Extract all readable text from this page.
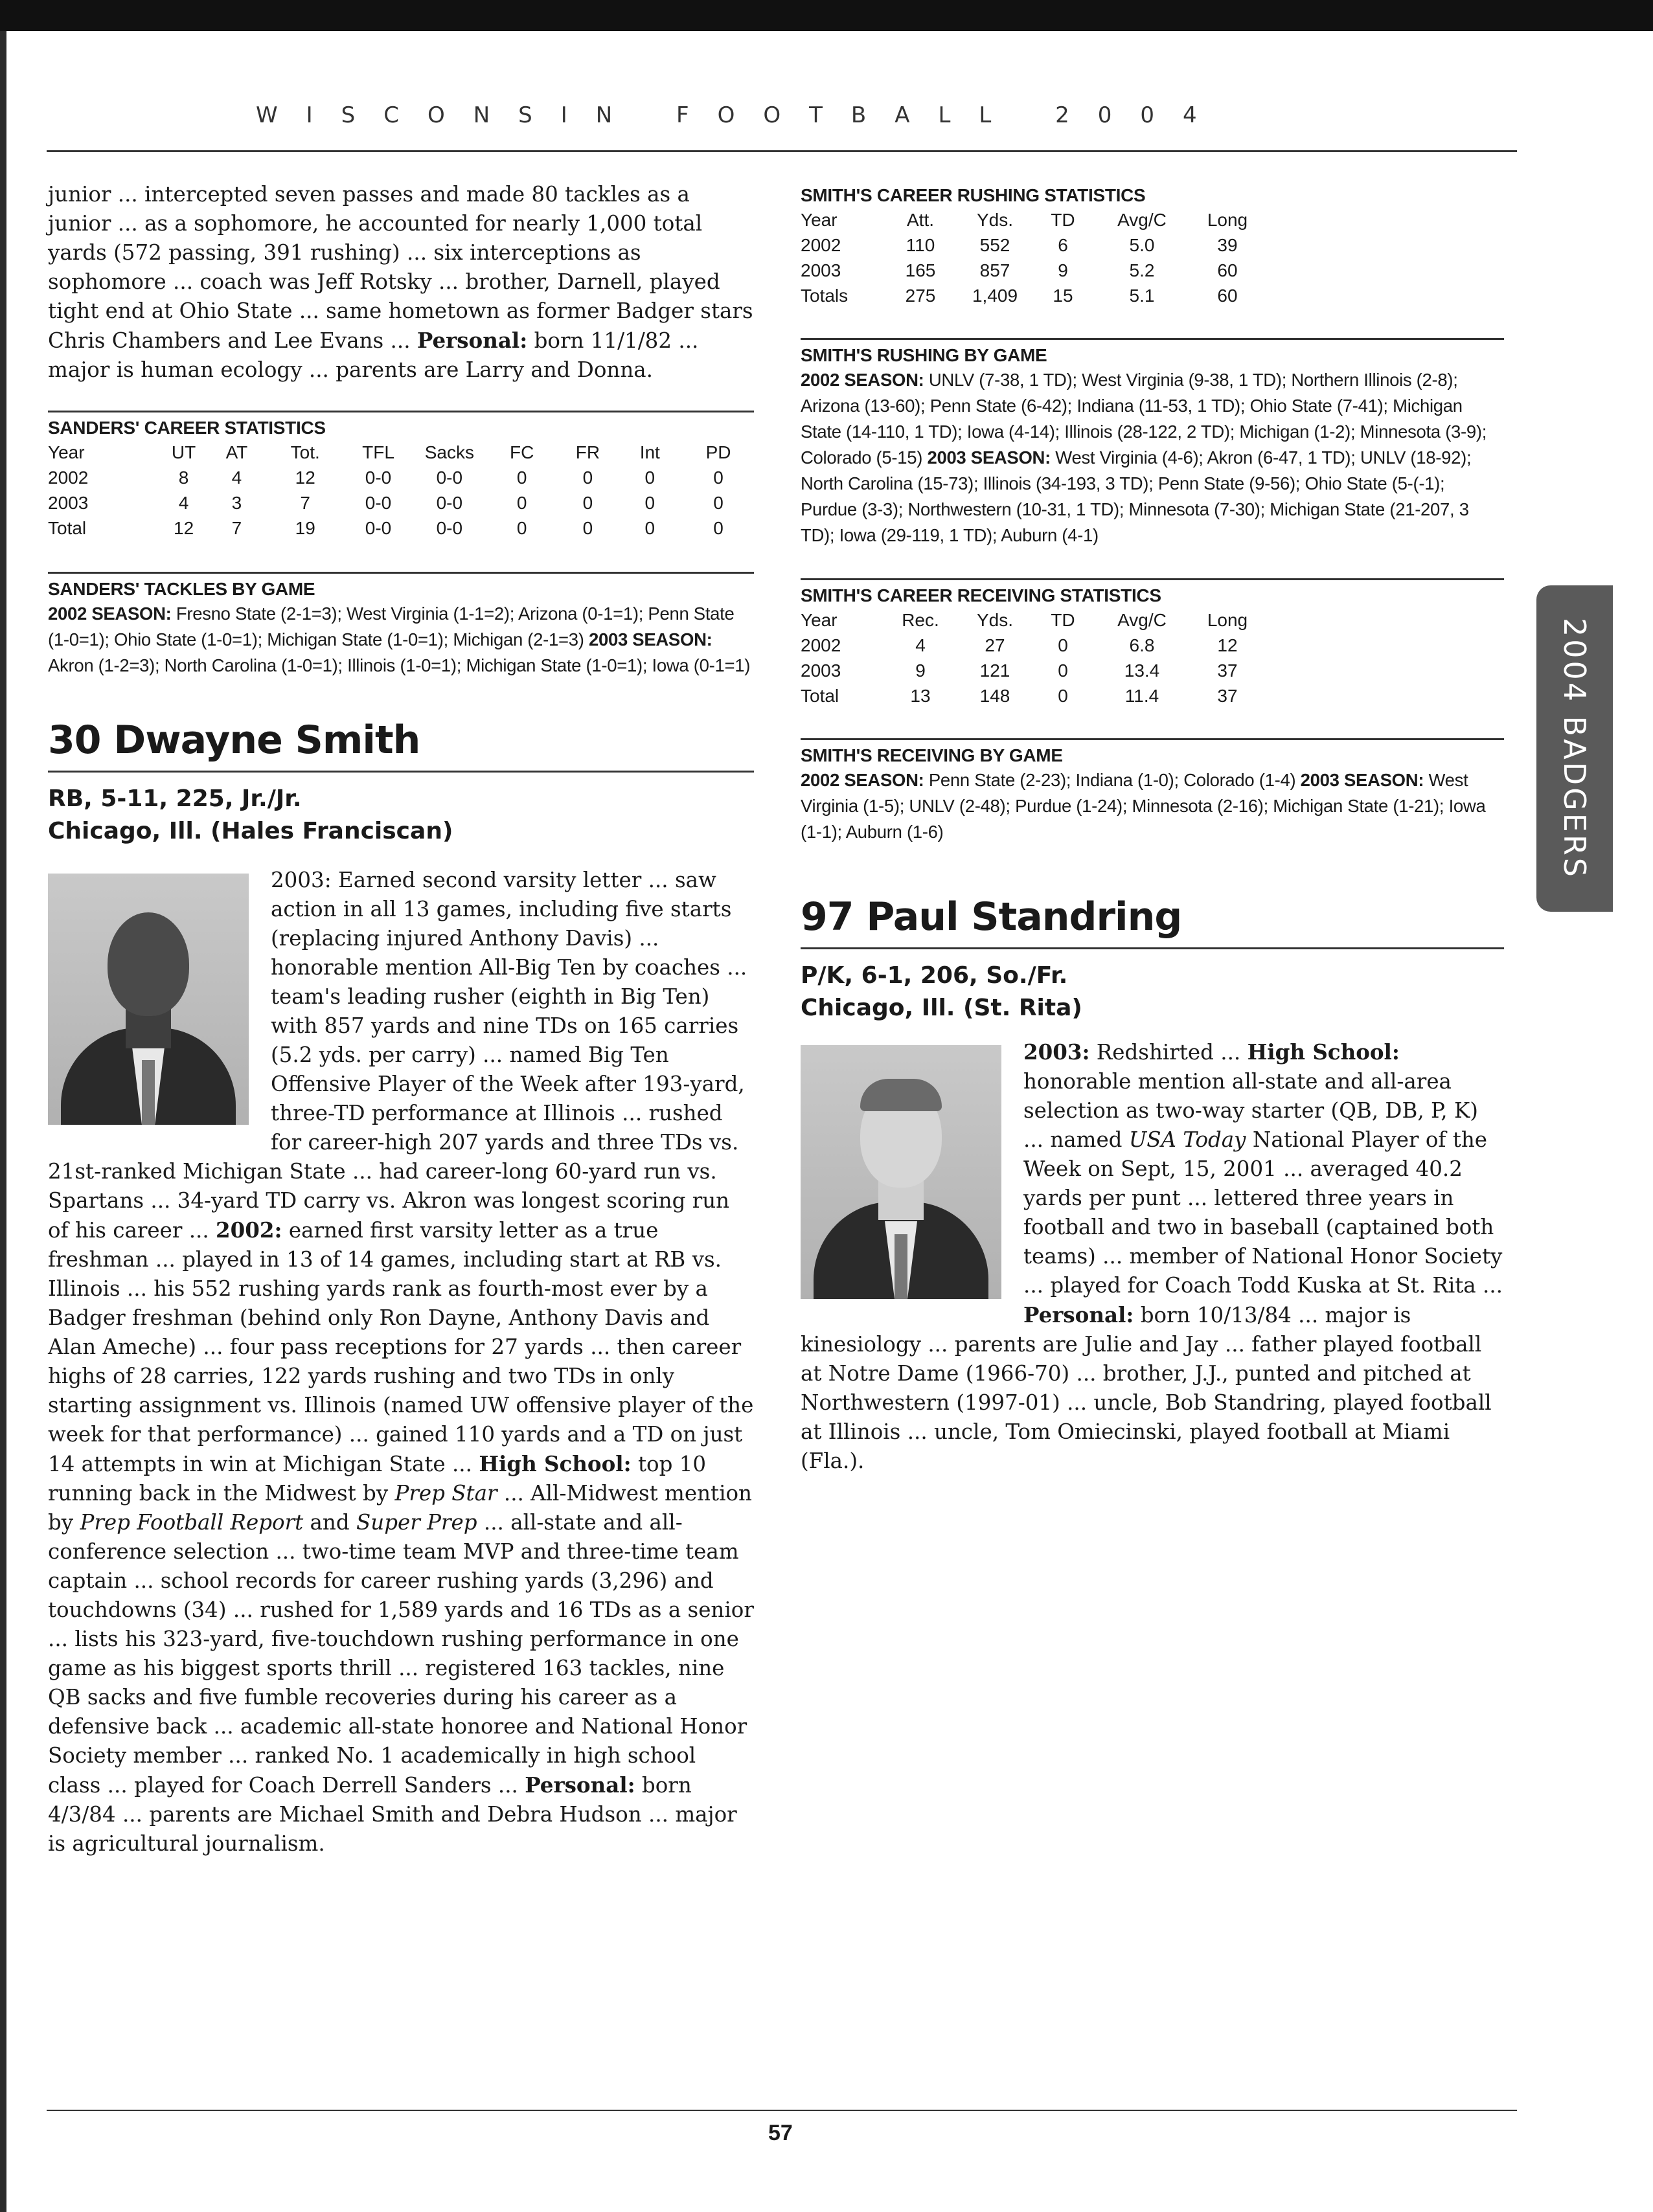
WISCONSIN FOOTBALL 2004
2004 BADGERS

junior ... intercepted seven passes and made 80 tackles as a junior ... as a sophomore, he accounted for nearly 1,000 total yards (572 passing, 391 rushing) ... six interceptions as sophomore ... coach was Jeff Rotsky ... brother, Darnell, played tight end at Ohio State ... same hometown as former Badger stars Chris Chambers and Lee Evans ... Personal: born 11/1/82 ... major is human ecology ... parents are Larry and Donna.

SANDERS' CAREER STATISTICS
Year	UT	AT	Tot.	TFL	Sacks	FC	FR	Int	PD
2002	8	4	12	0-0	0-0	0	0	0	0
2003	4	3	7	0-0	0-0	0	0	0	0
Total	12	7	19	0-0	0-0	0	0	0	0
SANDERS' TACKLES BY GAME
2002 SEASON: Fresno State (2-1=3); West Virginia (1-1=2); Arizona (0-1=1); Penn State (1-0=1); Ohio State (1-0=1); Michigan State (1-0=1); Michigan (2-1=3) 2003 SEASON: Akron (1-2=3); North Carolina (1-0=1); Illinois (1-0=1); Michigan State (1-0=1); Iowa (0-1=1)
30 Dwayne Smith
RB, 5-11, 225, Jr./Jr.
Chicago, Ill. (Hales Franciscan)

2003: Earned second varsity letter ... saw action in all 13 games, including five starts (replacing injured Anthony Davis) ... honorable mention All-Big Ten by coaches ... team's leading rusher (eighth in Big Ten) with 857 yards and nine TDs on 165 carries (5.2 yds. per carry) ... named Big Ten Offensive Player of the Week after 193-yard, three-TD performance at Illinois ... rushed for career-high 207 yards and three TDs vs. 21st-ranked Michigan State ... had career-long 60-yard run vs. Spartans ... 34-yard TD carry vs. Akron was longest scoring run of his career ... 2002: earned first varsity letter as a true freshman ... played in 13 of 14 games, including start at RB vs. Illinois ... his 552 rushing yards rank as fourth-most ever by a Badger freshman (behind only Ron Dayne, Anthony Davis and Alan Ameche) ... four pass receptions for 27 yards ... then career highs of 28 carries, 122 yards rushing and two TDs in only starting assignment vs. Illinois (named UW offensive player of the week for that performance) ... gained 110 yards and a TD on just 14 attempts in win at Michigan State ... High School: top 10 running back in the Midwest by Prep Star ... All-Midwest mention by Prep Football Report and Super Prep ... all-state and all-conference selection ... two-time team MVP and three-time team captain ... school records for career rushing yards (3,296) and touchdowns (34) ... rushed for 1,589 yards and 16 TDs as a senior ... lists his 323-yard, five-touchdown rushing performance in one game as his biggest sports thrill ... registered 163 tackles, nine QB sacks and five fumble recoveries during his career as a defensive back ... academic all-state honoree and National Honor Society member ... ranked No. 1 academically in high school class ... played for Coach Derrell Sanders ... Personal: born 4/3/84 ... parents are Michael Smith and Debra Hudson ... major is agricultural journalism.

SMITH'S CAREER RUSHING STATISTICS
Year	Att.	Yds.	TD	Avg/C	Long
2002	110	552	6	5.0	39
2003	165	857	9	5.2	60
Totals	275	1,409	15	5.1	60
SMITH'S RUSHING BY GAME
2002 SEASON: UNLV (7-38, 1 TD); West Virginia (9-38, 1 TD); Northern Illinois (2-8); Arizona (13-60); Penn State (6-42); Indiana (11-53, 1 TD); Ohio State (7-41); Michigan State (14-110, 1 TD); Iowa (4-14); Illinois (28-122, 2 TD); Michigan (1-2); Minnesota (3-9); Colorado (5-15) 2003 SEASON: West Virginia (4-6); Akron (6-47, 1 TD); UNLV (18-92); North Carolina (15-73); Illinois (34-193, 3 TD); Penn State (9-56); Ohio State (5-(-1); Purdue (3-3); Northwestern (10-31, 1 TD); Minnesota (7-30); Michigan State (21-207, 3 TD); Iowa (29-119, 1 TD); Auburn (4-1)
SMITH'S CAREER RECEIVING STATISTICS
Year	Rec.	Yds.	TD	Avg/C	Long
2002	4	27	0	6.8	12
2003	9	121	0	13.4	37
Total	13	148	0	11.4	37
SMITH'S RECEIVING BY GAME
2002 SEASON: Penn State (2-23); Indiana (1-0); Colorado (1-4) 2003 SEASON: West Virginia (1-5); UNLV (2-48); Purdue (1-24); Minnesota (2-16); Michigan State (1-21); Iowa (1-1); Auburn (1-6)
97 Paul Standring
P/K, 6-1, 206, So./Fr.
Chicago, Ill. (St. Rita)

2003: Redshirted ... High School: honorable mention all-state and all-area selection as two-way starter (QB, DB, P, K) ... named USA Today National Player of the Week on Sept, 15, 2001 ... averaged 40.2 yards per punt ... lettered three years in football and two in baseball (captained both teams) ... member of National Honor Society ... played for Coach Todd Kuska at St. Rita ... Personal: born 10/13/84 ... major is kinesiology ... parents are Julie and Jay ... father played football at Notre Dame (1966-70) ... brother, J.J., punted and pitched at Northwestern (1997-01) ... uncle, Bob Standring, played football at Illinois ... uncle, Tom Omiecinski, played football at Miami (Fla.).

57
